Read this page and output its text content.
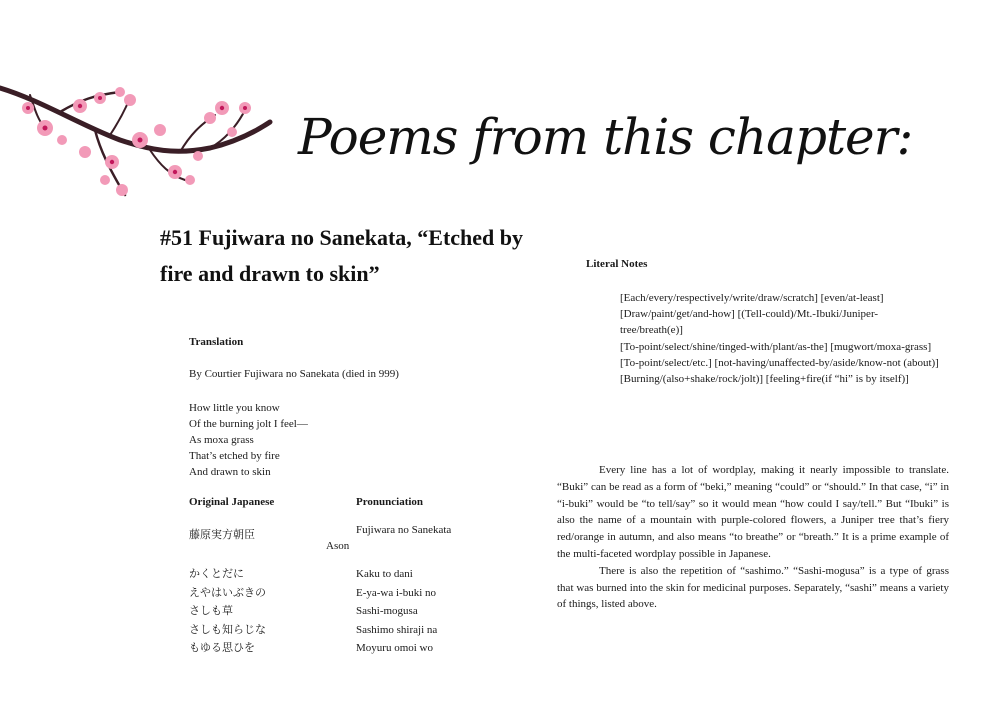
Poems from this chapter:
#51 Fujiwara no Sanekata, “Etched by fire and drawn to skin”
Translation
By Courtier Fujiwara no Sanekata (died in 999)
How little you know
Of the burning jolt I feel—
As moxa grass
That’s etched by fire
And drawn to skin
Original Japanese	Pronunciation
藤原実方朝臣
Ason
Fujiwara no Sanekata
かくとだに
えやはいぶきの
さしも草
さしも知らじな
もゆる思ひを
Kaku to dani
E-ya-wa i-buki no
Sashi-mogusa
Sashimo shiraji na
Moyuru omoi wo
Literal Notes
[Each/every/respectively/write/draw/scratch] [even/at-least]
[Draw/paint/get/and-how] [(Tell-could)/Mt.-Ibuki/Juniper-tree/breath(e)]
[To-point/select/shine/tinged-with/plant/as-the] [mugwort/moxa-grass]
[To-point/select/etc.] [not-having/unaffected-by/aside/know-not (about)]
[Burning/(also+shake/rock/jolt)] [feeling+fire(if “hi” is by itself)]

Every line has a lot of wordplay, making it nearly impossible to translate. “Buki” can be read as a form of “beki,” meaning “could” or “should.” In that case, “i” in “i-buki” would be “to tell/say” so it would mean “how could I say/tell.” But “Ibuki” is also the name of a mountain with purple-colored flowers, a Juniper tree that’s fiery red/orange in autumn, and also means “to breathe” or “breath.” It is a prime example of the multi-faceted wordplay possible in Japanese.

There is also the repetition of “sashimo.” “Sashi-mogusa” is a type of grass that was burned into the skin for medicinal purposes. Separately, “sashi” means a variety of things, listed above.
